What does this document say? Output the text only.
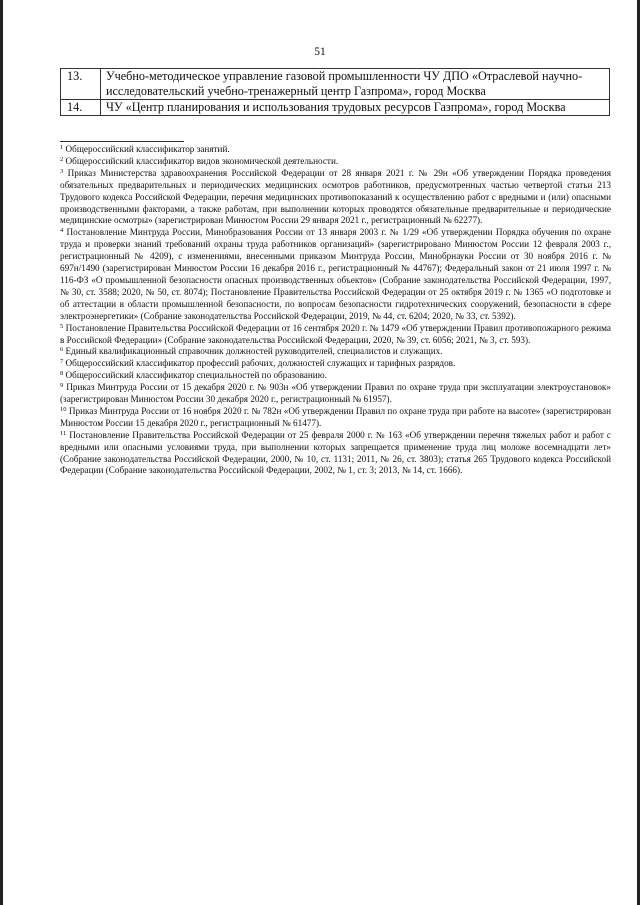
51
13.	Учебно-методическое управление газовой промышленности ЧУ ДПО «Отраслевой научно-исследовательский учебно-тренажерный центр Газпрома», город Москва
14.	ЧУ «Центр планирования и использования трудовых ресурсов Газпрома», город Москва
$^1$ Общероссийский классификатор занятий.
$^2$ Общероссийский классификатор видов экономической деятельности.
$^3$ Приказ Министерства здравоохранения Российской Федерации от 28 января 2021 г. № 29н «Об утверждении Порядка проведения обязательных предварительных и периодических медицинских осмотров работников, предусмотренных частью четвертой статьи 213 Трудового кодекса Российской Федерации, перечня медицинских противопоказаний к осуществлению работ с вредными и (или) опасными производственными факторами, а также работам, при выполнении которых проводятся обязательные предварительные и периодические медицинские осмотры» (зарегистрирован Минюстом России 29 января 2021 г., регистрационный № 62277).
$^4$ Постановление Минтруда России, Минобразования России от 13 января 2003 г. № 1/29 «Об утверждении Порядка обучения по охране труда и проверки знаний требований охраны труда работников организаций» (зарегистрировано Минюстом России 12 февраля 2003 г., регистрационный № 4209), с изменениями, внесенными приказом Минтруда России, Минобрнауки России от 30 ноября 2016 г. № 697н/1490 (зарегистрирован Минюстом России 16 декабря 2016 г., регистрационный № 44767); Федеральный закон от 21 июля 1997 г. № 116-ФЗ «О промышленной безопасности опасных производственных объектов» (Собрание законодательства Российской Федерации, 1997, № 30, ст. 3588; 2020, № 50, ст. 8074); Постановление Правительства Российской Федерации от 25 октября 2019 г. № 1365 «О подготовке и об аттестации в области промышленной безопасности, по вопросам безопасности гидротехнических сооружений, безопасности в сфере электроэнергетики» (Собрание законодательства Российской Федерации, 2019, № 44, ст. 6204; 2020, № 33, ст. 5392).
$^5$ Постановление Правительства Российской Федерации от 16 сентября 2020 г. № 1479 «Об утверждении Правил противопожарного режима в Российской Федерации» (Собрание законодательства Российской Федерации, 2020, № 39, ст. 6056; 2021, № 3, ст. 593).
$^6$ Единый квалификационный справочник должностей руководителей, специалистов и служащих.
$^7$ Общероссийский классификатор профессий рабочих, должностей служащих и тарифных разрядов.
$^8$ Общероссийский классификатор специальностей по образованию.
$^9$ Приказ Минтруда России от 15 декабря 2020 г. № 903н «Об утверждении Правил по охране труда при эксплуатации электроустановок» (зарегистрирован Минюстом России 30 декабря 2020 г., регистрационный № 61957).
$^{10}$ Приказ Минтруда России от 16 ноября 2020 г. № 782н «Об утверждении Правил по охране труда при работе на высоте» (зарегистрирован Минюстом России 15 декабря 2020 г., регистрационный № 61477).
$^{11}$ Постановление Правительства Российской Федерации от 25 февраля 2000 г. № 163 «Об утверждении перечня тяжелых работ и работ с вредными или опасными условиями труда, при выполнении которых запрещается применение труда лиц моложе восемнадцати лет» (Собрание законодательства Российской Федерации, 2000, № 10, ст. 1131; 2011, № 26, ст. 3803); статья 265 Трудового кодекса Российской Федерации (Собрание законодательства Российской Федерации, 2002, № 1, ст. 3; 2013, № 14, ст. 1666).
